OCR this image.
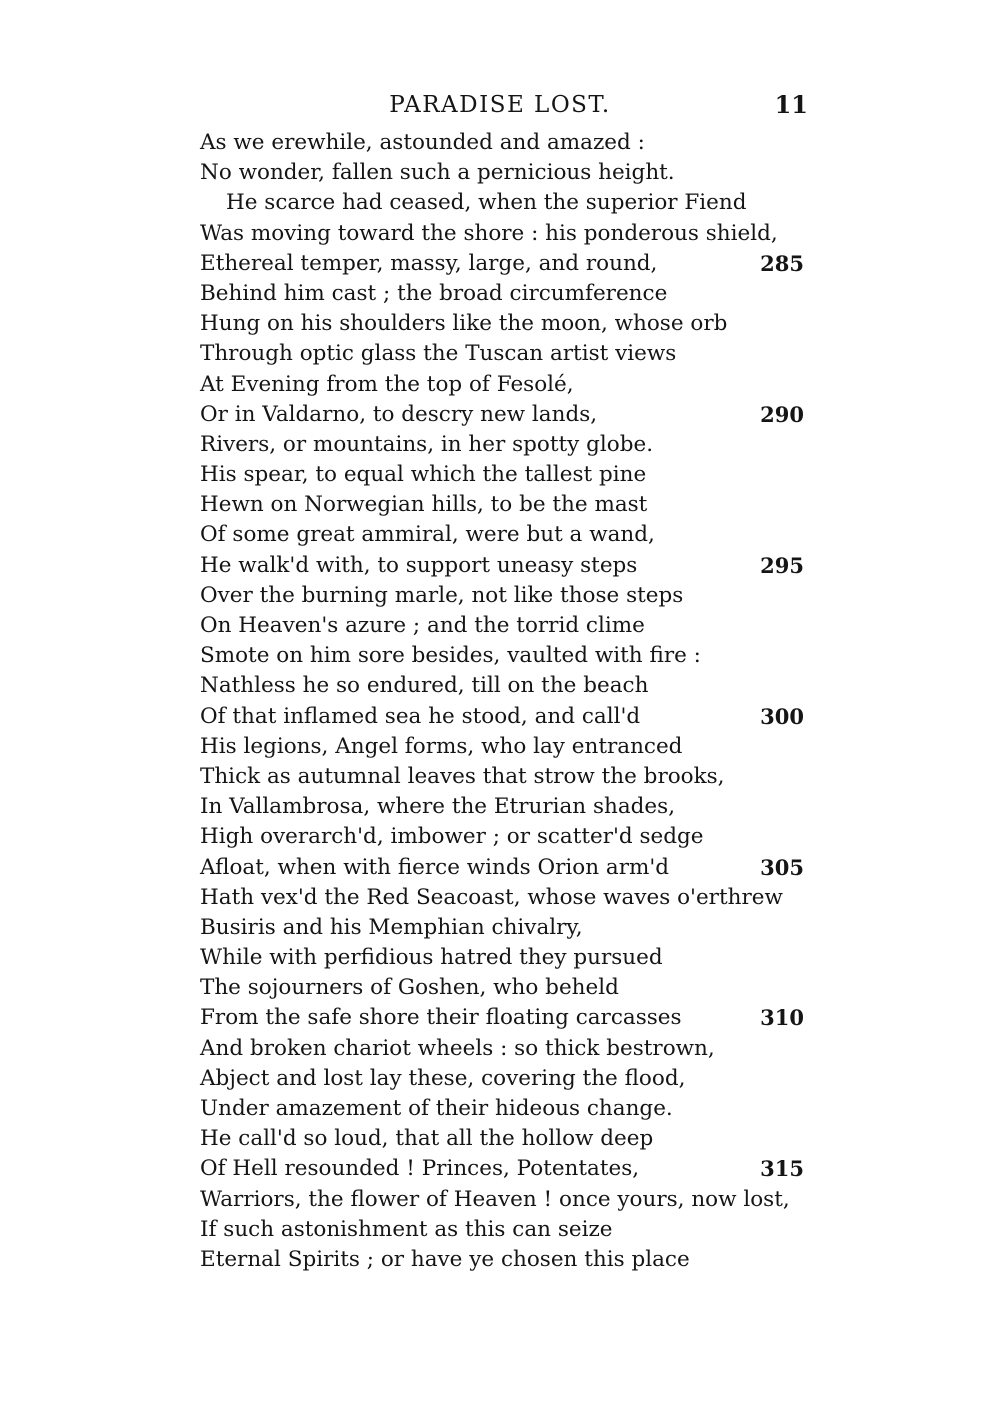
PARADISE LOST.	11
As we erewhile, astounded and amazed :
No wonder, fallen such a pernicious height.
He scarce had ceased, when the superior Fiend
Was moving toward the shore : his ponderous shield,
Ethereal temper, massy, large, and round,	285
Behind him cast ; the broad circumference
Hung on his shoulders like the moon, whose orb
Through optic glass the Tuscan artist views
At Evening from the top of Fesolé,
Or in Valdarno, to descry new lands,	290
Rivers, or mountains, in her spotty globe.
His spear, to equal which the tallest pine
Hewn on Norwegian hills, to be the mast
Of some great ammiral, were but a wand,
He walk'd with, to support uneasy steps	295
Over the burning marle, not like those steps
On Heaven's azure ; and the torrid clime
Smote on him sore besides, vaulted with fire :
Nathless he so endured, till on the beach
Of that inflamed sea he stood, and call'd	300
His legions, Angel forms, who lay entranced
Thick as autumnal leaves that strow the brooks,
In Vallambrosa, where the Etrurian shades,
High overarch'd, imbower ; or scatter'd sedge
Afloat, when with fierce winds Orion arm'd	305
Hath vex'd the Red Seacoast, whose waves o'erthrew
Busiris and his Memphian chivalry,
While with perfidious hatred they pursued
The sojourners of Goshen, who beheld
From the safe shore their floating carcasses	310
And broken chariot wheels : so thick bestrown,
Abject and lost lay these, covering the flood,
Under amazement of their hideous change.
He call'd so loud, that all the hollow deep
Of Hell resounded ! Princes, Potentates,	315
Warriors, the flower of Heaven ! once yours, now lost,
If such astonishment as this can seize
Eternal Spirits ; or have ye chosen this place
